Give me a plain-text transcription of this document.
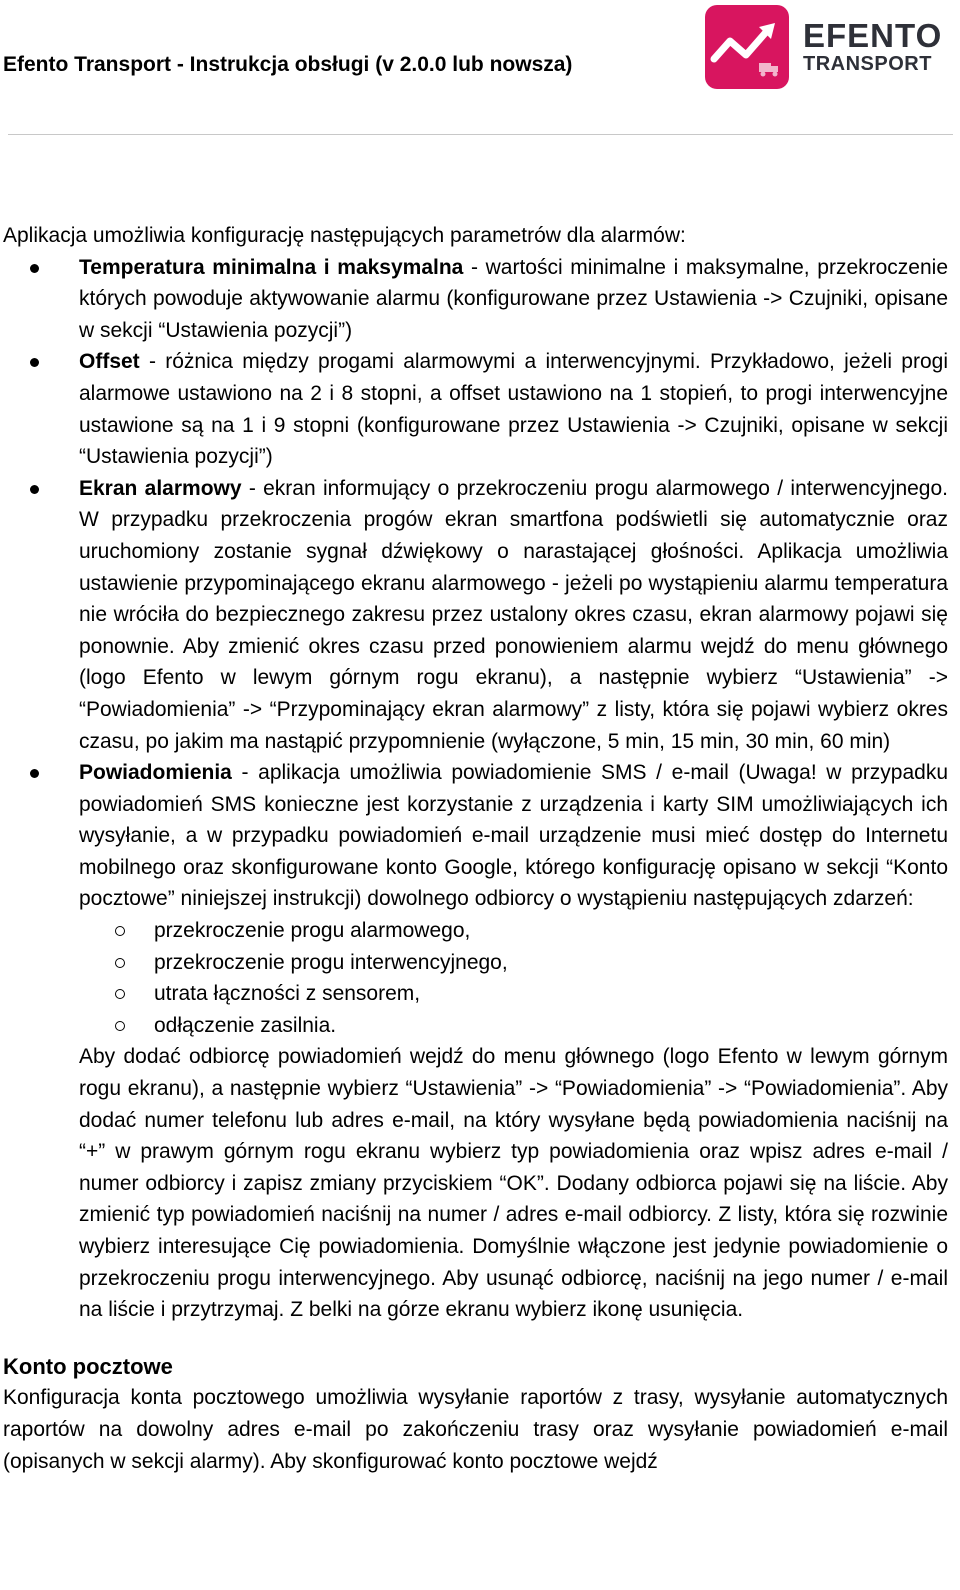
Efento Transport - Instrukcja obsługi (v 2.0.0 lub nowsza)
EFENTO
TRANSPORT

Aplikacja umożliwia konfigurację następujących parametrów dla alarmów:

Temperatura minimalna i maksymalna - wartości minimalne i maksymalne, przekroczenie których powoduje aktywowanie alarmu (konfigurowane przez Ustawienia -> Czujniki, opisane w sekcji “Ustawienia pozycji”)
Offset - różnica między progami alarmowymi a interwencyjnymi. Przykładowo, jeżeli progi alarmowe ustawiono na 2 i 8 stopni, a offset ustawiono na 1 stopień, to progi interwencyjne ustawione są na 1 i 9 stopni (konfigurowane przez Ustawienia -> Czujniki, opisane w sekcji “Ustawienia pozycji”)
Ekran alarmowy - ekran informujący o przekroczeniu progu alarmowego / interwencyjnego. W przypadku przekroczenia progów ekran smartfona podświetli się automatycznie oraz uruchomiony zostanie sygnał dźwiękowy o narastającej głośności. Aplikacja umożliwia ustawienie przypominającego ekranu alarmowego - jeżeli po wystąpieniu alarmu temperatura nie wróciła do bezpiecznego zakresu przez ustalony okres czasu, ekran alarmowy pojawi się ponownie. Aby zmienić okres czasu przed ponowieniem alarmu wejdź do menu głównego (logo Efento w lewym górnym rogu ekranu), a następnie wybierz “Ustawienia” -> “Powiadomienia” -> “Przypominający ekran alarmowy” z listy, która się pojawi wybierz okres czasu, po jakim ma nastąpić przypomnienie (wyłączone, 5 min, 15 min, 30 min, 60 min)
Powiadomienia - aplikacja umożliwia powiadomienie SMS / e-mail (Uwaga! w przypadku powiadomień SMS konieczne jest korzystanie z urządzenia i karty SIM umożliwiających ich wysyłanie, a w przypadku powiadomień e-mail urządzenie musi mieć dostęp do Internetu mobilnego oraz skonfigurowane konto Google, którego konfigurację opisano w sekcji “Konto pocztowe” niniejszej instrukcji) dowolnego odbiorcy o wystąpieniu następujących zdarzeń:
przekroczenie progu alarmowego,
przekroczenie progu interwencyjnego,
utrata łączności z sensorem,
odłączenie zasilnia.

Aby dodać odbiorcę powiadomień wejdź do menu głównego (logo Efento w lewym górnym rogu ekranu), a następnie wybierz “Ustawienia” -> “Powiadomienia” -> “Powiadomienia”. Aby dodać numer telefonu lub adres e-mail, na który wysyłane będą powiadomienia naciśnij na “+” w prawym górnym rogu ekranu wybierz typ powiadomienia oraz wpisz adres e-mail / numer odbiorcy i zapisz zmiany przyciskiem “OK”. Dodany odbiorca pojawi się na liście. Aby zmienić typ powiadomień naciśnij na numer / adres e-mail odbiorcy. Z listy, która się rozwinie wybierz interesujące Cię powiadomienia. Domyślnie włączone jest jedynie powiadomienie o przekroczeniu progu interwencyjnego. Aby usunąć odbiorcę, naciśnij na jego numer / e-mail na liście i przytrzymaj. Z belki na górze ekranu wybierz ikonę usunięcia.

Konto pocztowe

Konfiguracja konta pocztowego umożliwia wysyłanie raportów z trasy, wysyłanie automatycznych raportów na dowolny adres e-mail po zakończeniu trasy oraz wysyłanie powiadomień e-mail (opisanych w sekcji alarmy). Aby skonfigurować konto pocztowe wejdź
